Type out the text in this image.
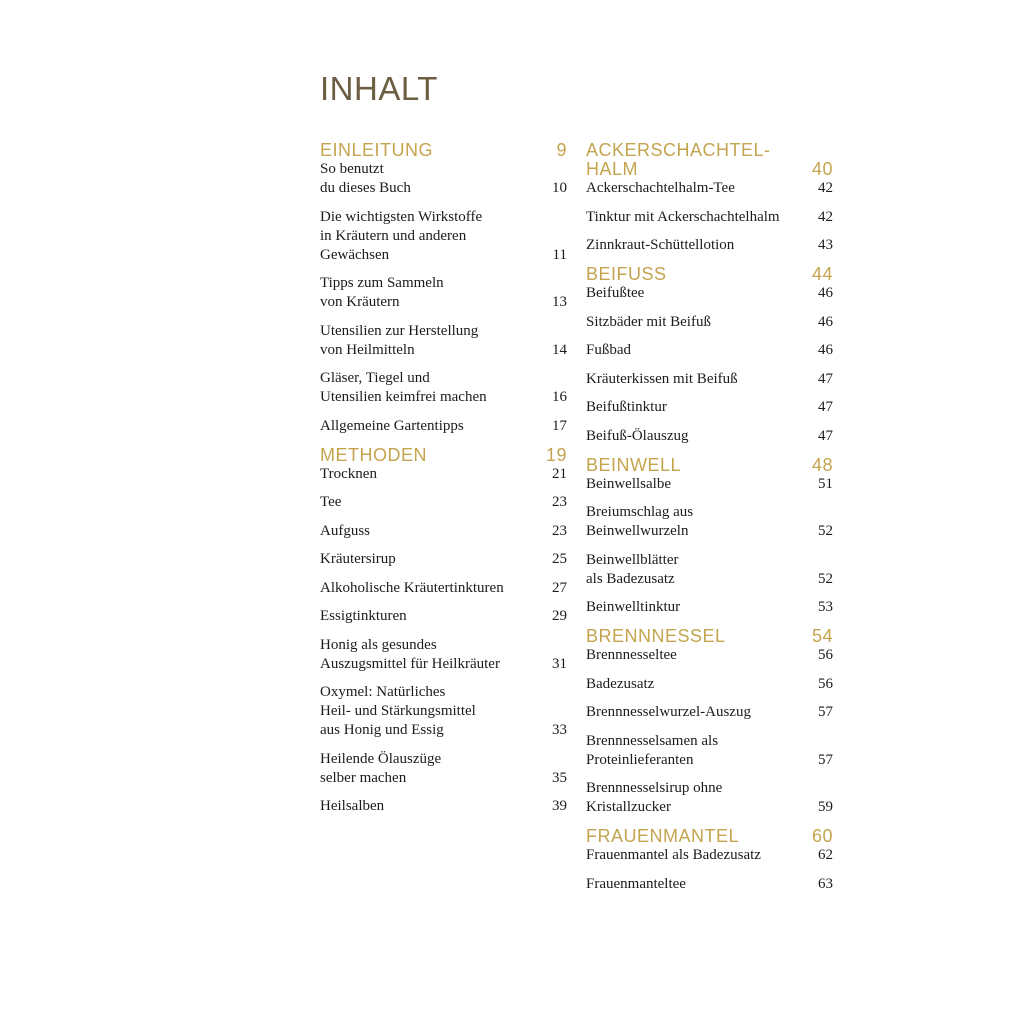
INHALT
EINLEITUNG	9
So benutzt
du dieses Buch	10
Die wichtigsten Wirkstoffe
in Kräutern und anderen
Gewächsen	11
Tipps zum Sammeln
von Kräutern	13
Utensilien zur Herstellung
von Heilmitteln	14
Gläser, Tiegel und
Utensilien keimfrei machen	16
Allgemeine Gartentipps	17
METHODEN	19
Trocknen	21
Tee	23
Aufguss	23
Kräutersirup	25
Alkoholische Kräutertinkturen	27
Essigtinkturen	29
Honig als gesundes
Auszugsmittel für Heilkräuter	31
Oxymel: Natürliches
Heil- und Stärkungsmittel
aus Honig und Essig	33
Heilende Ölauszüge
selber machen	35
Heilsalben	39
ACKERSCHACHTEL-
HALM	40
Ackerschachtelhalm-Tee	42
Tinktur mit Ackerschachtelhalm	42
Zinnkraut-Schüttellotion	43
BEIFUSS	44
Beifußtee	46
Sitzbäder mit Beifuß	46
Fußbad	46
Kräuterkissen mit Beifuß	47
Beifußtinktur	47
Beifuß-Ölauszug	47
BEINWELL	48
Beinwellsalbe	51
Breiumschlag aus
Beinwellwurzeln	52
Beinwellblätter
als Badezusatz	52
Beinwelltinktur	53
BRENNNESSEL	54
Brennnesseltee	56
Badezusatz	56
Brennnesselwurzel-Auszug	57
Brennnesselsamen als
Proteinlieferanten	57
Brennnesselsirup ohne
Kristallzucker	59
FRAUENMANTEL	60
Frauenmantel als Badezusatz	62
Frauenmanteltee	63
